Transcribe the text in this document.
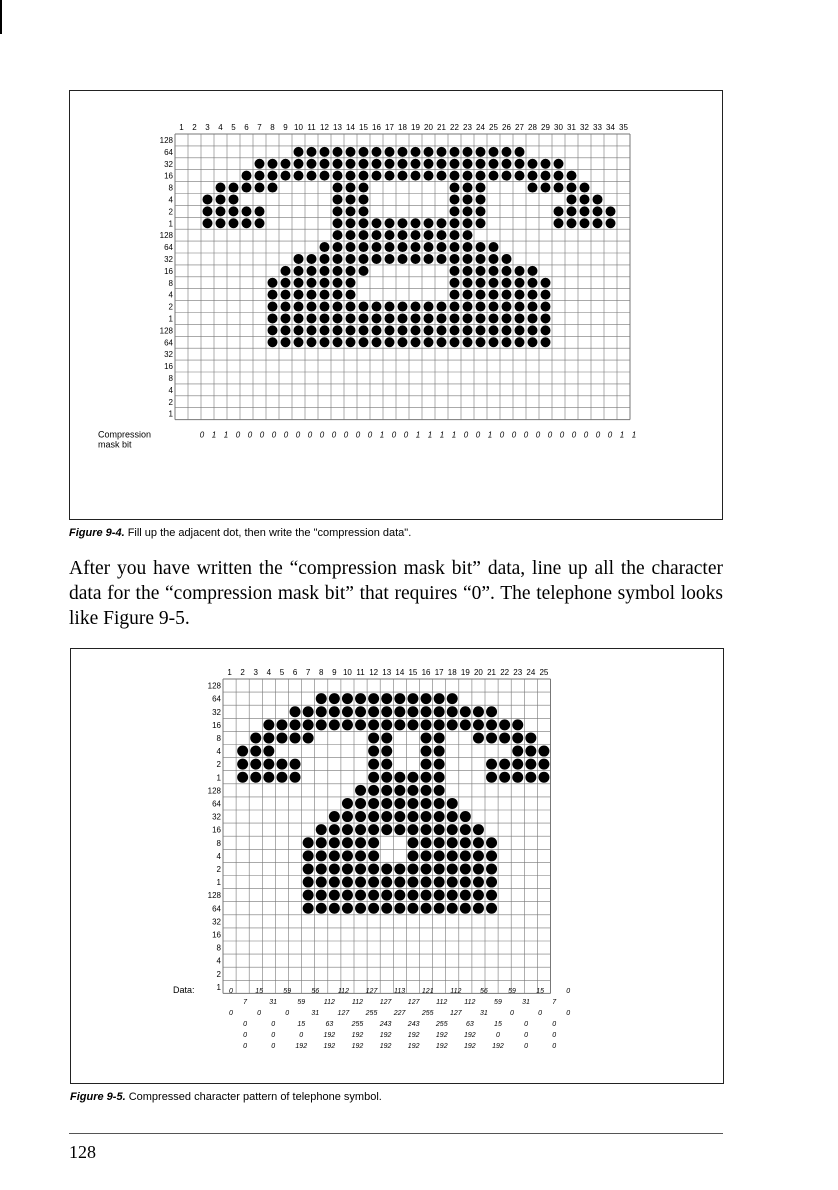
1 2 3 4 5 6 7 8 9 10 11 12 13 14 15 16 17 18 19 20 21 22 23 24 25 26 27 28 29 30 31 32 33 34 35
128
64
32
16
8
4
2
1
128
64
32
16
8
4
2
1
128
64
32
16
8
4
2
1
Compression
mask bit
0 1 1 0 0 0 0 0 0 0 0 0 0 0 0 1 0 0 1 1 1 1 0 0 1 0 0 0 0 0 0 0 0 0 0 1 1
Figure 9-4. Fill up the adjacent dot, then write the "compression data".
After you have written the “compression mask bit” data, line up all the character data for the “compression mask bit” that requires “0”. The telephone symbol looks like Figure 9-5.
1 2 3 4 5 6 7 8 9 10 11 12 13 14 15 16 17 18 19 20 21 22 23 24 25
128
64
32
16
8
4
2
1
128
64
32
16
8
4
2
1
128
64
32
16
8
4
2
1
Data:	0	15	59	56	112 127 113 121 112	56	59	15	0
7	31	59	112 112 127 127 112 112	59	31	7
0	0	0	31	127 255 227 255 127	31	0	0	0
0	0	15	63	255 243 243 255	63	15	0	0
0	0	0	192 192 192 192 192 192	0	0	0
0	0	192 192 192 192 192 192 192 192	0	0
Figure 9-5. Compressed character pattern of telephone symbol.
128
